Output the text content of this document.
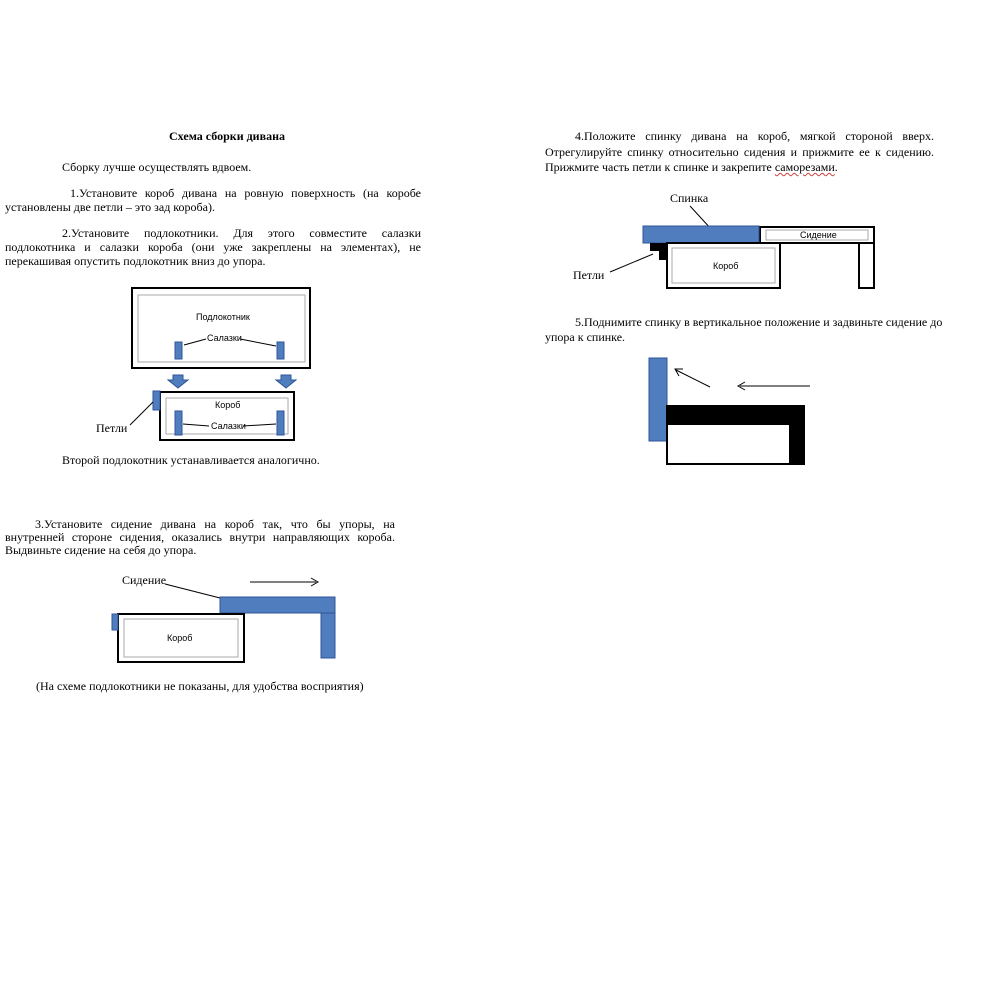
Схема сборки дивана
Сборку лучше осуществлять вдвоем.
1.Установите короб дивана на ровную поверхность (на коробе
установлены две петли – это зад короба).
2.Установите подлокотники. Для этого совместите салазки
подлокотника и салазки короба (они уже закреплены на элементах), не
перекашивая опустить подлокотник вниз до упора.
Подлокотник
Салазки
Короб
Салазки
Петли
Второй подлокотник устанавливается аналогично.
3.Установите сидение дивана на короб так, что бы упоры, на
внутренней стороне сидения, оказались внутри направляющих короба.
Выдвиньте сидение на себя до упора.
Сидение
Короб
(На схеме подлокотники не показаны, для удобства восприятия)
4.Положите спинку дивана на короб, мягкой стороной вверх.
Отрегулируйте спинку относительно сидения и прижмите ее к сидению.
Прижмите часть петли к спинке и закрепите саморезами.
Спинка
Сидение
Короб
Петли
5.Поднимите спинку в вертикальное положение и задвиньте сидение до
упора к спинке.
